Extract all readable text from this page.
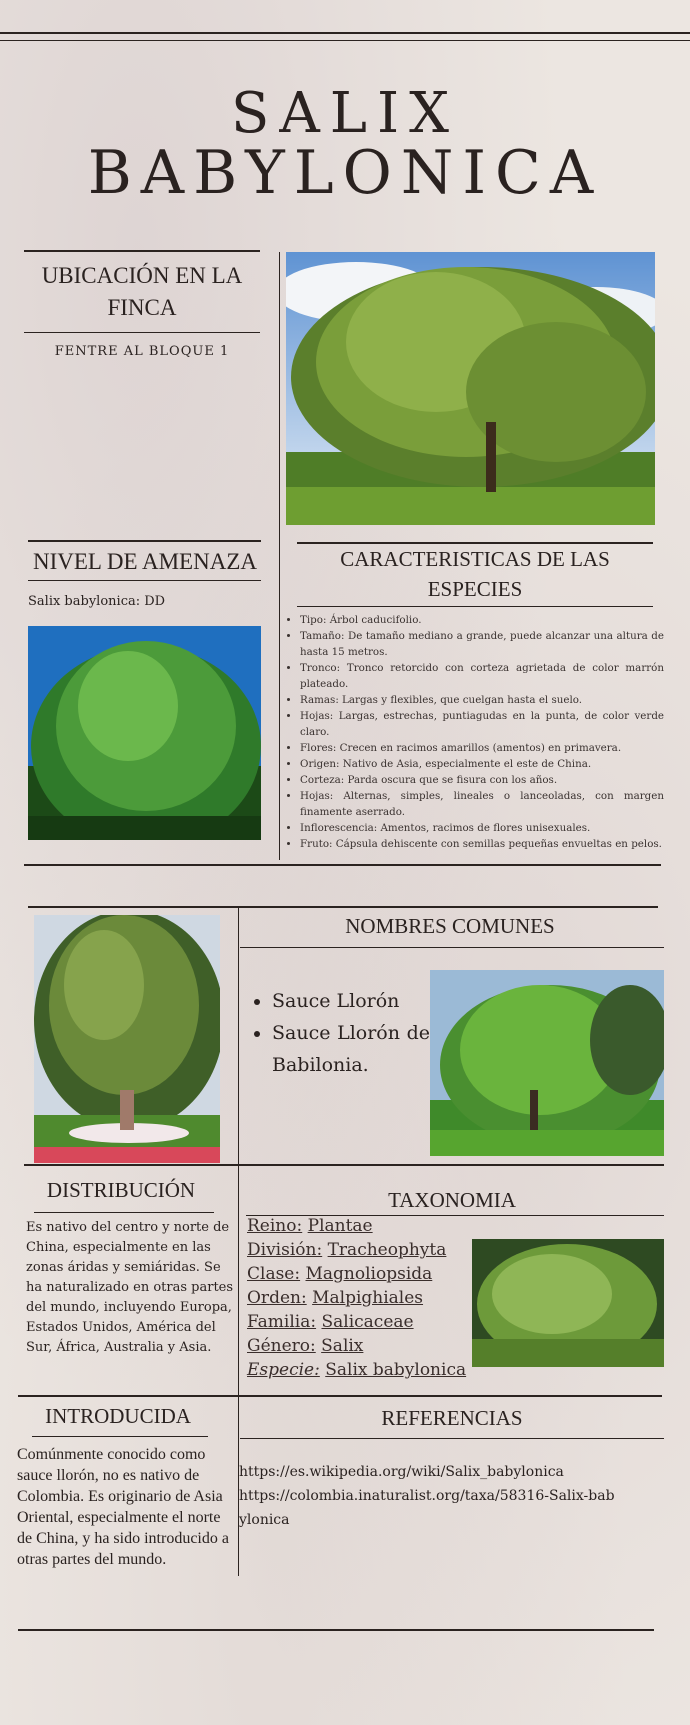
SALIX
BABYLONICA
UBICACIÓN EN LA FINCA
FENTRE AL BLOQUE 1
NIVEL DE AMENAZA
Salix babylonica: DD
CARACTERISTICAS DE LAS ESPECIES
• Tipo: Árbol caducifolio.
• Tamaño: De tamaño mediano a grande, puede alcanzar una altura de hasta 15 metros.
• Tronco: Tronco retorcido con corteza agrietada de color marrón plateado.
• Ramas: Largas y flexibles, que cuelgan hasta el suelo.
• Hojas: Largas, estrechas, puntiagudas en la punta, de color verde claro.
• Flores: Crecen en racimos amarillos (amentos) en primavera.
• Origen: Nativo de Asia, especialmente el este de China.
• Corteza: Parda oscura que se fisura con los años.
• Hojas: Alternas, simples, lineales o lanceoladas, con margen finamente aserrado.
• Inflorescencia: Amentos, racimos de flores unisexuales.
• Fruto: Cápsula dehiscente con semillas pequeñas envueltas en pelos.
NOMBRES COMUNES
• Sauce Llorón
• Sauce Llorón de Babilonia.
DISTRIBUCIÓN
Es nativo del centro y norte de China, especialmente en las zonas áridas y semiáridas. Se ha naturalizado en otras partes del mundo, incluyendo Europa, Estados Unidos, América del Sur, África, Australia y Asia.
TAXONOMIA
Reino: Plantae
División: Tracheophyta
Clase: Magnoliopsida
Orden: Malpighiales
Familia: Salicaceae
Género: Salix
Especie: Salix babylonica
INTRODUCIDA
Comúnmente conocido como sauce llorón, no es nativo de Colombia. Es originario de Asia Oriental, especialmente el norte de China, y ha sido introducido a otras partes del mundo.
REFERENCIAS
https://es.wikipedia.org/wiki/Salix_babylonica
https://colombia.inaturalist.org/taxa/58316-Salix-babylonica
